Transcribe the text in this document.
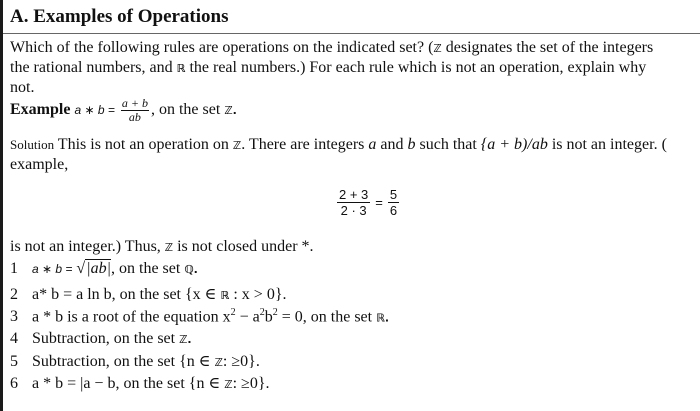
A. Examples of Operations
Which of the following rules are operations on the indicated set? (ℤ designates the set of the integers
the rational numbers, and ℝ the real numbers.) For each rule which is not an operation, explain why
not.
Example a ∗ $b = \frac{a + b}{ab}$ , on the set ℤ.
Solution This is not an operation on ℤ. There are integers a and b such that {a + b)/ab is not an integer. (
example,
$\frac{2 + 3}{2 \cdot 3} = \frac{5}{6}$
is not an integer.) Thus, ℤ is not closed under *.
1 a ∗ b = √|ab|, on the set ℚ.
2 a* b = a ln b, on the set {x ∈ ℝ : x > 0}.
3 a * b is a root of the equation $x^2 - a^2b^2 = 0$, on the set ℝ.
4 Subtraction, on the set ℤ.
5 Subtraction, on the set {n ∈ ℤ: ≥0}.
6 a * b = |a − b, on the set {n ∈ ℤ: ≥0}.
